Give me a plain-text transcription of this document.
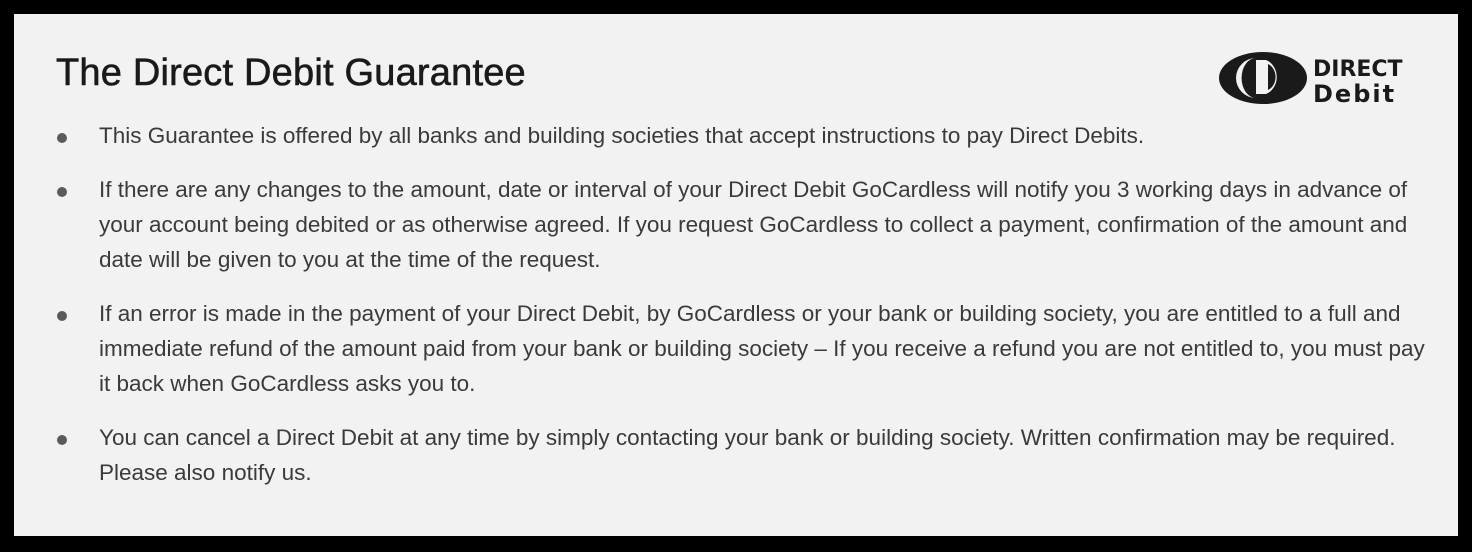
The Direct Debit Guarantee	DIRECT
Debit
This Guarantee is offered by all banks and building societies that accept instructions to pay Direct Debits.
If there are any changes to the amount, date or interval of your Direct Debit GoCardless will notify you 3 working days in advance of your account being debited or as otherwise agreed. If you request GoCardless to collect a payment, confirmation of the amount and date will be given to you at the time of the request.
If an error is made in the payment of your Direct Debit, by GoCardless or your bank or building society, you are entitled to a full and immediate refund of the amount paid from your bank or building society – If you receive a refund you are not entitled to, you must pay it back when GoCardless asks you to.
You can cancel a Direct Debit at any time by simply contacting your bank or building society. Written confirmation may be required. Please also notify us.
